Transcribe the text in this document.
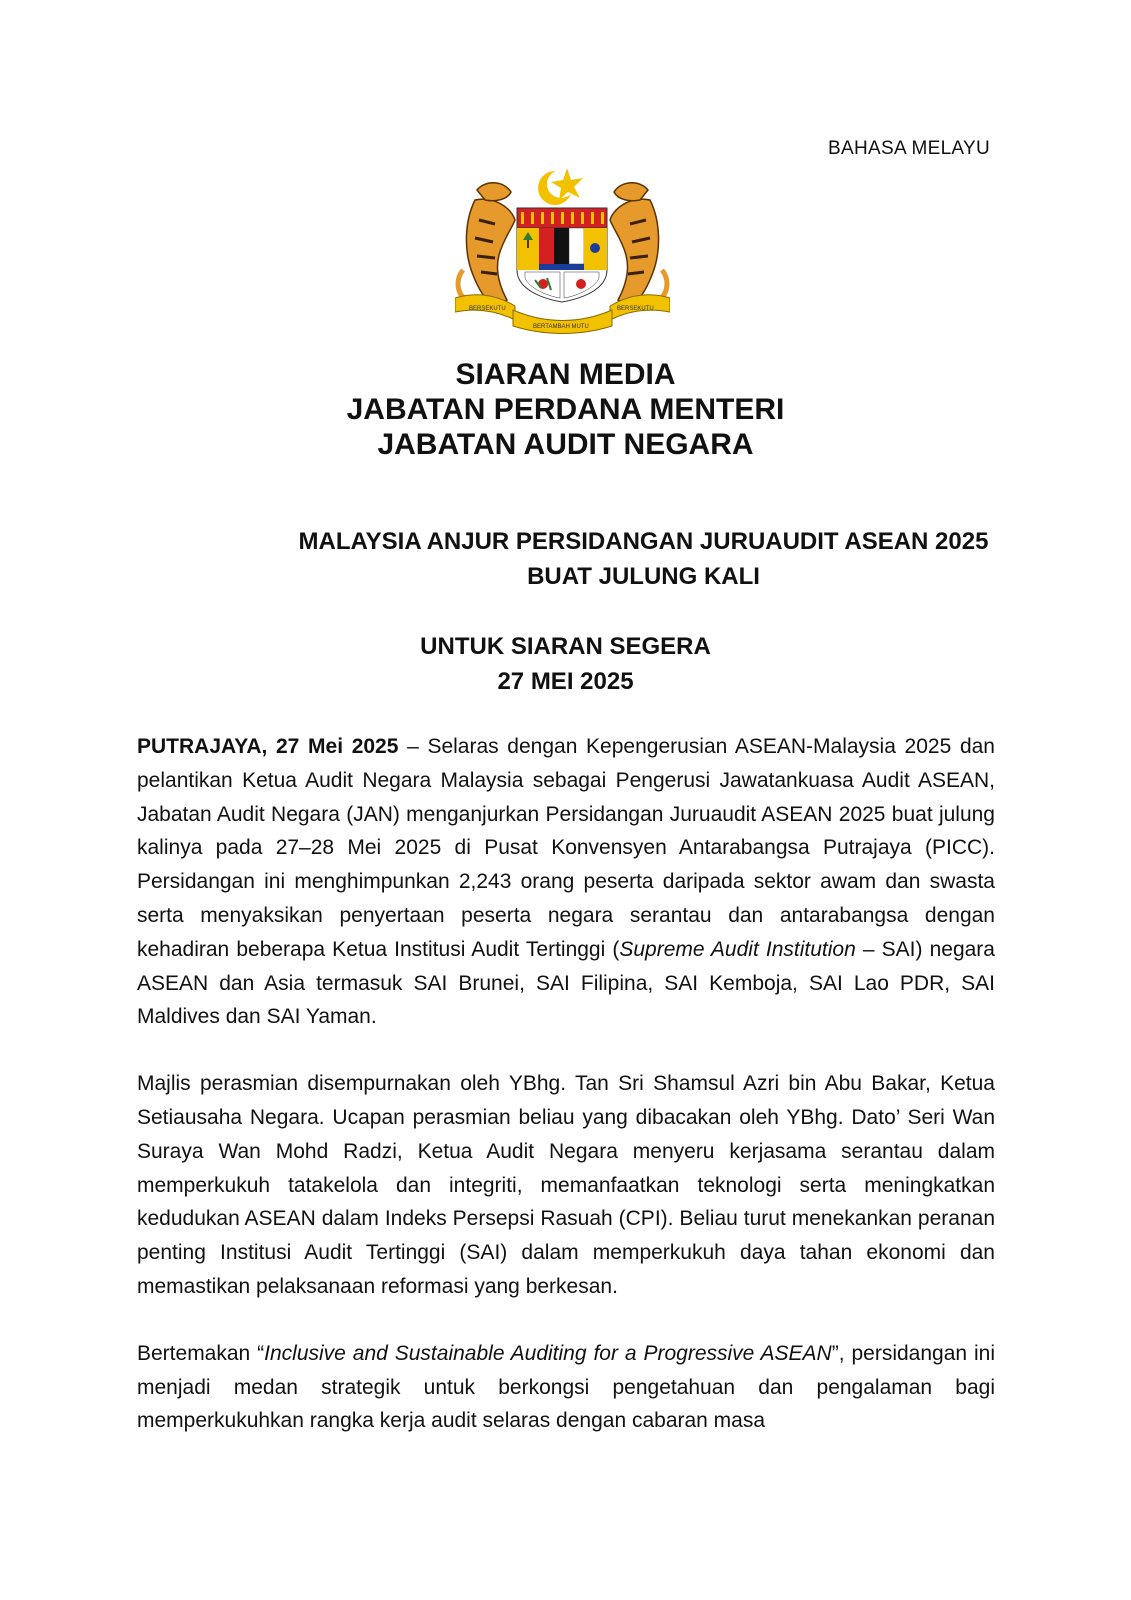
BAHASA MELAYU
BERSEKUTU
BERTAMBAH MUTU
BERSEKUTU
SIARAN MEDIA
JABATAN PERDANA MENTERI
JABATAN AUDIT NEGARA
MALAYSIA ANJUR PERSIDANGAN JURUAUDIT ASEAN 2025
BUAT JULUNG KALI
UNTUK SIARAN SEGERA
27 MEI 2025

PUTRAJAYA, 27 Mei 2025 – Selaras dengan Kepengerusian ASEAN-Malaysia 2025 dan pelantikan Ketua Audit Negara Malaysia sebagai Pengerusi Jawatankuasa Audit ASEAN, Jabatan Audit Negara (JAN) menganjurkan Persidangan Juruaudit ASEAN 2025 buat julung kalinya pada 27–28 Mei 2025 di Pusat Konvensyen Antarabangsa Putrajaya (PICC). Persidangan ini menghimpunkan 2,243 orang peserta daripada sektor awam dan swasta serta menyaksikan penyertaan peserta negara serantau dan antarabangsa dengan kehadiran beberapa Ketua Institusi Audit Tertinggi (Supreme Audit Institution – SAI) negara ASEAN dan Asia termasuk SAI Brunei, SAI Filipina, SAI Kemboja, SAI Lao PDR, SAI Maldives dan SAI Yaman.

Majlis perasmian disempurnakan oleh YBhg. Tan Sri Shamsul Azri bin Abu Bakar, Ketua Setiausaha Negara. Ucapan perasmian beliau yang dibacakan oleh YBhg. Dato’ Seri Wan Suraya Wan Mohd Radzi, Ketua Audit Negara menyeru kerjasama serantau dalam memperkukuh tatakelola dan integriti, memanfaatkan teknologi serta meningkatkan kedudukan ASEAN dalam Indeks Persepsi Rasuah (CPI). Beliau turut menekankan peranan penting Institusi Audit Tertinggi (SAI) dalam memperkukuh daya tahan ekonomi dan memastikan pelaksanaan reformasi yang berkesan.

Bertemakan “Inclusive and Sustainable Auditing for a Progressive ASEAN”, persidangan ini menjadi medan strategik untuk berkongsi pengetahuan dan pengalaman bagi memperkukuhkan rangka kerja audit selaras dengan cabaran masa
